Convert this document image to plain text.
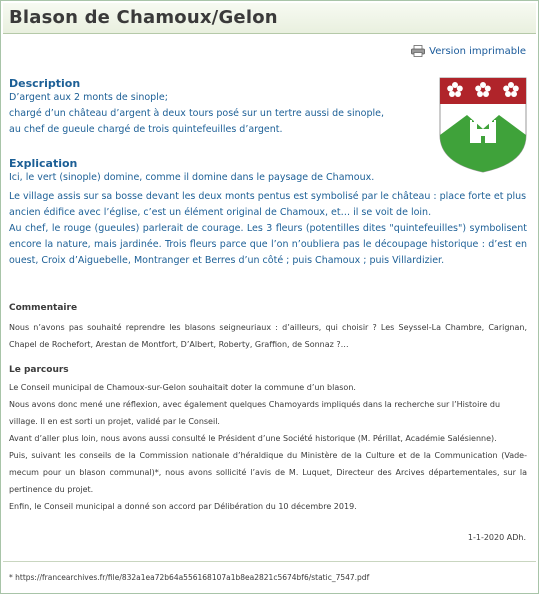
Blason de Chamoux/Gelon
Version imprimable

Description

D’argent aux 2 monts de sinople;

chargé d’un château d’argent à deux tours posé sur un tertre aussi de sinople,

au chef de gueule chargé de trois quintefeuilles d’argent.

Explication

Ici, le vert (sinople) domine, comme il domine dans le paysage de Chamoux.

Le village assis sur sa bosse devant les deux monts pentus est symbolisé par le château : place forte et plus ancien édifice avec l’église, c’est un élément original de Chamoux, et… il se voit de loin.

Au chef, le rouge (gueules) parlerait de courage. Les 3 fleurs (potentilles dites "quintefeuilles") symbolisent encore la nature, mais jardinée. Trois fleurs parce que l’on n’oubliera pas le découpage historique : d’est en ouest, Croix d’Aiguebelle, Montranger et Berres d’un côté ; puis Chamoux ; puis Villardizier.

Commentaire

Nous n’avons pas souhaité reprendre les blasons seigneuriaux : d’ailleurs, qui choisir ? Les Seyssel-La Chambre, Carignan, Chapel de Rochefort, Arestan de Montfort, D’Albert, Roberty, Graffion, de Sonnaz ?…

Le parcours

Le Conseil municipal de Chamoux-sur-Gelon souhaitait doter la commune d’un blason.

Nous avons donc mené une réflexion, avec également quelques Chamoyards impliqués dans la recherche sur l’Histoire du village. Il en est sorti un projet, validé par le Conseil.

Avant d’aller plus loin, nous avons aussi consulté le Président d’une Société historique (M. Périllat, Académie Salésienne).

Puis, suivant les conseils de la Commission nationale d’héraldique du Ministère de la Culture et de la Communication (Vade-mecum pour un blason communal)*, nous avons sollicité l’avis de M. Luquet, Directeur des Arcives départementales, sur la pertinence du projet.

Enfin, le Conseil municipal a donné son accord par Délibération du 10 décembre 2019.

1-1-2020 ADh.
* https://francearchives.fr/file/832a1ea72b64a556168107a1b8ea2821c5674bf6/static_7547.pdf
